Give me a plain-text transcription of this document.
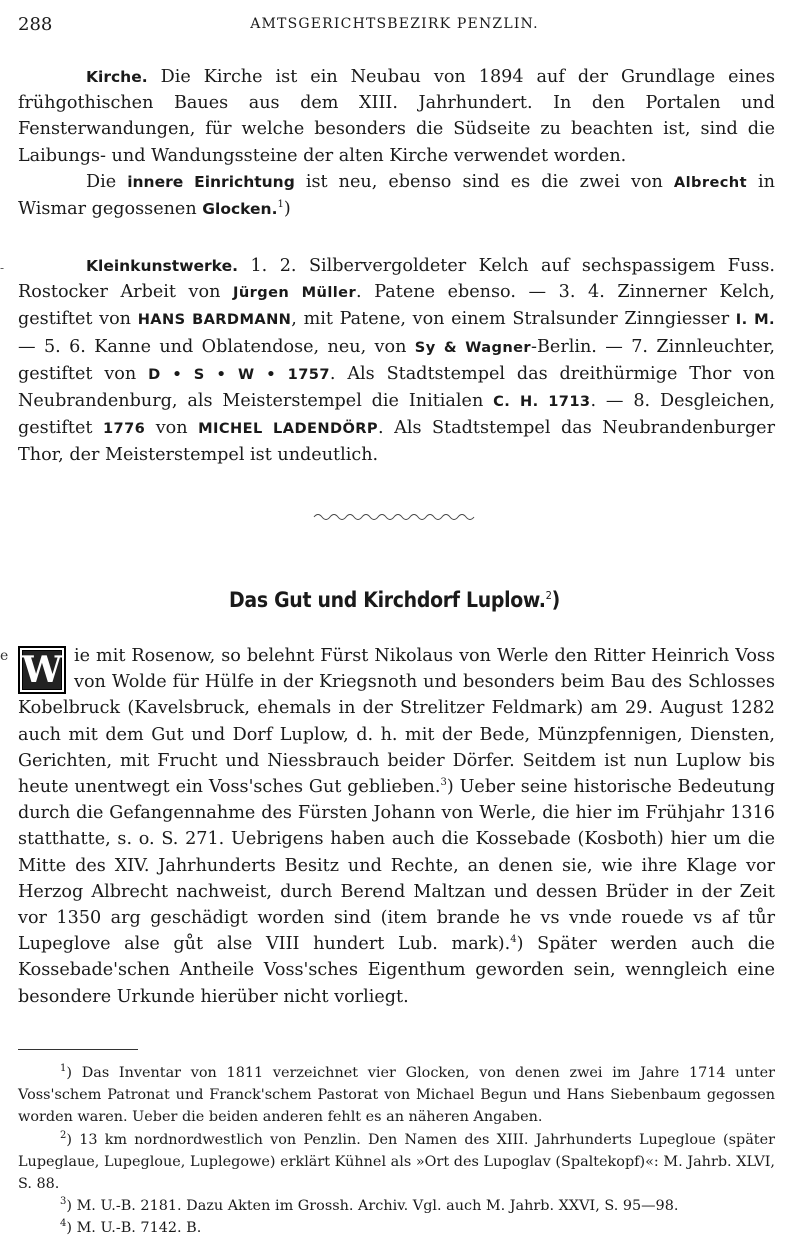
288	AMTSGERICHTSBEZIRK PENZLIN.

Kirche. Die Kirche ist ein Neubau von 1894 auf der Grundlage eines frühgothischen Baues aus dem XIII. Jahrhundert. In den Portalen und Fensterwandungen, für welche besonders die Südseite zu beachten ist, sind die Laibungs- und Wandungssteine der alten Kirche verwendet worden.

Die innere Einrichtung ist neu, ebenso sind es die zwei von Albrecht in Wismar gegossenen Glocken.$^1$)

-	Kleinkunstwerke. 1. 2. Silbervergoldeter Kelch auf sechspassigem Fuss. Rostocker Arbeit von Jürgen Müller. Patene ebenso. — 3. 4. Zinnerner Kelch, gestiftet von HANS BARDMANN, mit Patene, von einem Stralsunder Zinngiesser I. M. — 5. 6. Kanne und Oblatendose, neu, von Sy & Wagner-Berlin. — 7. Zinnleuchter, gestiftet von D • S • W • 1757. Als Stadtstempel das dreithürmige Thor von Neubrandenburg, als Meisterstempel die Initialen C. H. 1713. — 8. Desgleichen, gestiftet 1776 von MICHEL LADENDÖRP. Als Stadtstempel das Neubrandenburger Thor, der Meisterstempel ist undeutlich.

Das Gut und Kirchdorf Luplow.$^2$)
e W ie mit Rosenow, so belehnt Fürst Nikolaus von Werle den Ritter Heinrich Voss von Wolde für Hülfe in der Kriegsnoth und besonders beim Bau des Schlosses Kobelbruck (Kavelsbruck, ehemals in der Strelitzer Feldmark) am 29. August 1282 auch mit dem Gut und Dorf Luplow, d. h. mit der Bede, Münzpfennigen, Diensten, Gerichten, mit Frucht und Niessbrauch beider Dörfer. Seitdem ist nun Luplow bis heute unentwegt ein Voss'sches Gut geblieben.$^3$) Ueber seine historische Bedeutung durch die Gefangennahme des Fürsten Johann von Werle, die hier im Frühjahr 1316 statthatte, s. o. S. 271. Uebrigens haben auch die Kossebade (Kosboth) hier um die Mitte des XIV. Jahrhunderts Besitz und Rechte, an denen sie, wie ihre Klage vor Herzog Albrecht nachweist, durch Berend Maltzan und dessen Brüder in der Zeit vor 1350 arg geschädigt worden sind (item brande he vs vnde rouede vs af tůr Lupeglove alse gůt alse VIII hundert Lub. mark).$^4$) Später werden auch die Kossebade'schen Antheile Voss'sches Eigenthum geworden sein, wenngleich eine besondere Urkunde hierüber nicht vorliegt.

$^1$) Das Inventar von 1811 verzeichnet vier Glocken, von denen zwei im Jahre 1714 unter Voss'schem Patronat und Franck'schem Pastorat von Michael Begun und Hans Siebenbaum gegossen worden waren. Ueber die beiden anderen fehlt es an näheren Angaben.

$^2$) 13 km nordnordwestlich von Penzlin. Den Namen des XIII. Jahrhunderts Lupegloue (später Lupeglaue, Lupegloue, Luplegowe) erklärt Kühnel als »Ort des Lupoglav (Spaltekopf)«: M. Jahrb. XLVI, S. 88.

$^3$) M. U.-B. 2181. Dazu Akten im Grossh. Archiv. Vgl. auch M. Jahrb. XXVI, S. 95—98.

$^4$) M. U.-B. 7142. B.
